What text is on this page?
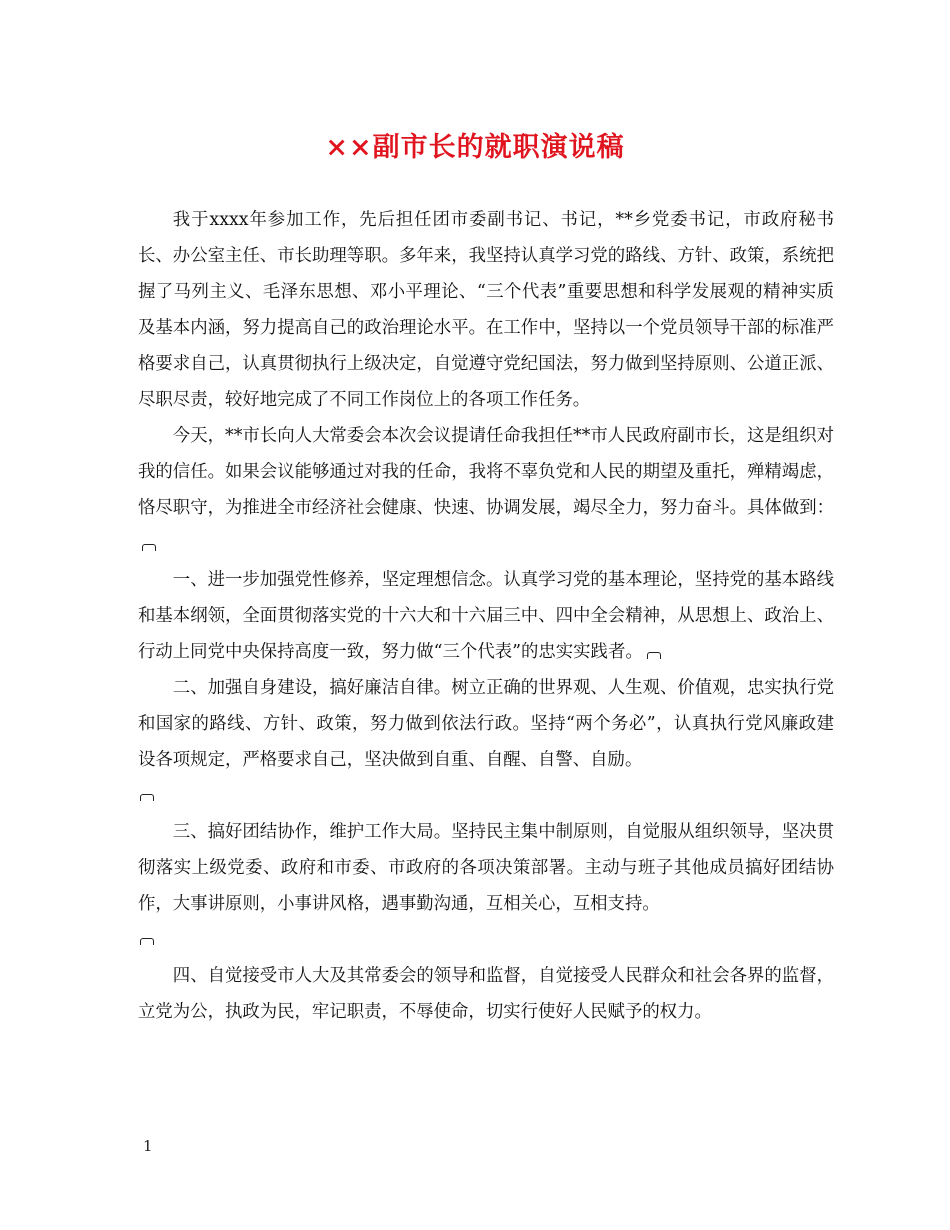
××副市长的就职演说稿

我于xxxx年参加工作，先后担任团市委副书记、书记，**乡党委书记，市政府秘书长、办公室主任、市长助理等职。多年来，我坚持认真学习党的路线、方针、政策，系统把握了马列主义、毛泽东思想、邓小平理论、“三个代表”重要思想和科学发展观的精神实质及基本内涵，努力提高自己的政治理论水平。在工作中，坚持以一个党员领导干部的标准严格要求自己，认真贯彻执行上级决定，自觉遵守党纪国法，努力做到坚持原则、公道正派、尽职尽责，较好地完成了不同工作岗位上的各项工作任务。

今天，**市长向人大常委会本次会议提请任命我担任**市人民政府副市长，这是组织对我的信任。如果会议能够通过对我的任命，我将不辜负党和人民的期望及重托，殚精竭虑，恪尽职守，为推进全市经济社会健康、快速、协调发展，竭尽全力，努力奋斗。具体做到：

一、进一步加强党性修养，坚定理想信念。认真学习党的基本理论，坚持党的基本路线和基本纲领，全面贯彻落实党的十六大和十六届三中、四中全会精神，从思想上、政治上、行动上同党中央保持高度一致，努力做“三个代表”的忠实实践者。

二、加强自身建设，搞好廉洁自律。树立正确的世界观、人生观、价值观，忠实执行党和国家的路线、方针、政策，努力做到依法行政。坚持“两个务必”，认真执行党风廉政建设各项规定，严格要求自己，坚决做到自重、自醒、自警、自励。

三、搞好团结协作，维护工作大局。坚持民主集中制原则，自觉服从组织领导，坚决贯彻落实上级党委、政府和市委、市政府的各项决策部署。主动与班子其他成员搞好团结协作，大事讲原则，小事讲风格，遇事勤沟通，互相关心，互相支持。

四、自觉接受市人大及其常委会的领导和监督，自觉接受人民群众和社会各界的监督，立党为公，执政为民，牢记职责，不辱使命，切实行使好人民赋予的权力。

1
